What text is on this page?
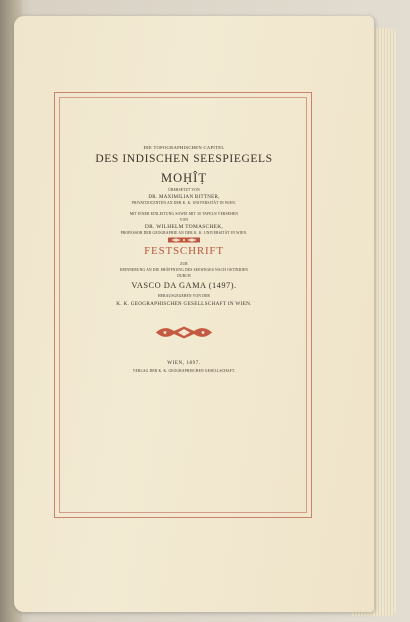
DIE TOPOGRAPHISCHEN CAPITEL
DES INDISCHEN SEESPIEGELS
MOḤÎṬ
ÜBERSETZT VON
DR. MAXIMILIAN BITTNER,
PRIVATDOCENTEN AN DER K. K. UNIVERSITÄT IN WIEN.
MIT EINER EINLEITUNG SOWIE MIT 30 TAFELN VERSEHEN
VON
DR. WILHELM TOMASCHEK,
PROFESSOR DER GEOGRAPHIE AN DER K. K. UNIVERSITÄT IN WIEN.
FESTSCHRIFT
ZUR
ERINNERUNG AN DIE ERÖFFNUNG DES SEEWEGES NACH OSTINDIEN
DURCH
VASCO DA GAMA (1497).
HERAUSGEGEBEN VON DER
K. K. GEOGRAPHISCHEN GESELLSCHAFT IN WIEN.
WIEN, 1897.
VERLAG DER K. K. GEOGRAPHISCHEN GESELLSCHAFT.
